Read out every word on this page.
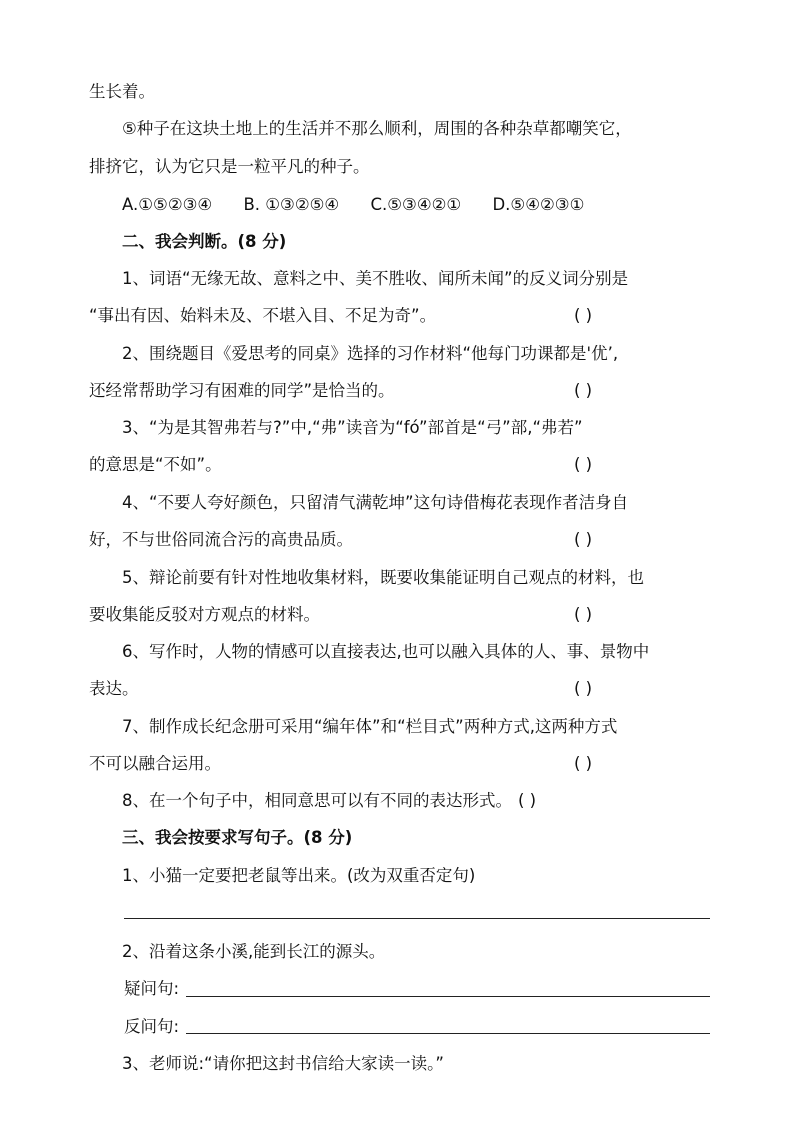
生长着。
⑤种子在这块土地上的生活并不那么顺利，周围的各种杂草都嘲笑它，
排挤它，认为它只是一粒平凡的种子。
A.①⑤②③④ B. ①③②⑤④ C.⑤③④②① D.⑤④②③①
二、我会判断。(8 分)
1、词语“无缘无故、意料之中、美不胜收、闻所未闻”的反义词分别是
“事出有因、始料未及、不堪入目、不足为奇”。	( )
2、围绕题目《爱思考的同桌》选择的习作材料“他每门功课都是'优’,
还经常帮助学习有困难的同学”是恰当的。	( )
3、“为是其智弗若与?”中,“弗”读音为“fó”部首是“弓”部,“弗若”
的意思是“不如”。	( )
4、“不要人夸好颜色，只留清气满乾坤”这句诗借梅花表现作者洁身自
好，不与世俗同流合污的高贵品质。	( )
5、辩论前要有针对性地收集材料，既要收集能证明自己观点的材料，也
要收集能反驳对方观点的材料。	( )
6、写作时，人物的情感可以直接表达,也可以融入具体的人、事、景物中
表达。	( )
7、制作成长纪念册可采用“编年体”和“栏目式”两种方式,这两种方式
不可以融合运用。	( )
8、在一个句子中，相同意思可以有不同的表达形式。 ( )
三、我会按要求写句子。(8 分)
1、小猫一定要把老鼠等出来。(改为双重否定句)
2、沿着这条小溪,能到长江的源头。
疑问句:
反问句:
3、老师说:“请你把这封书信给大家读一读。”
